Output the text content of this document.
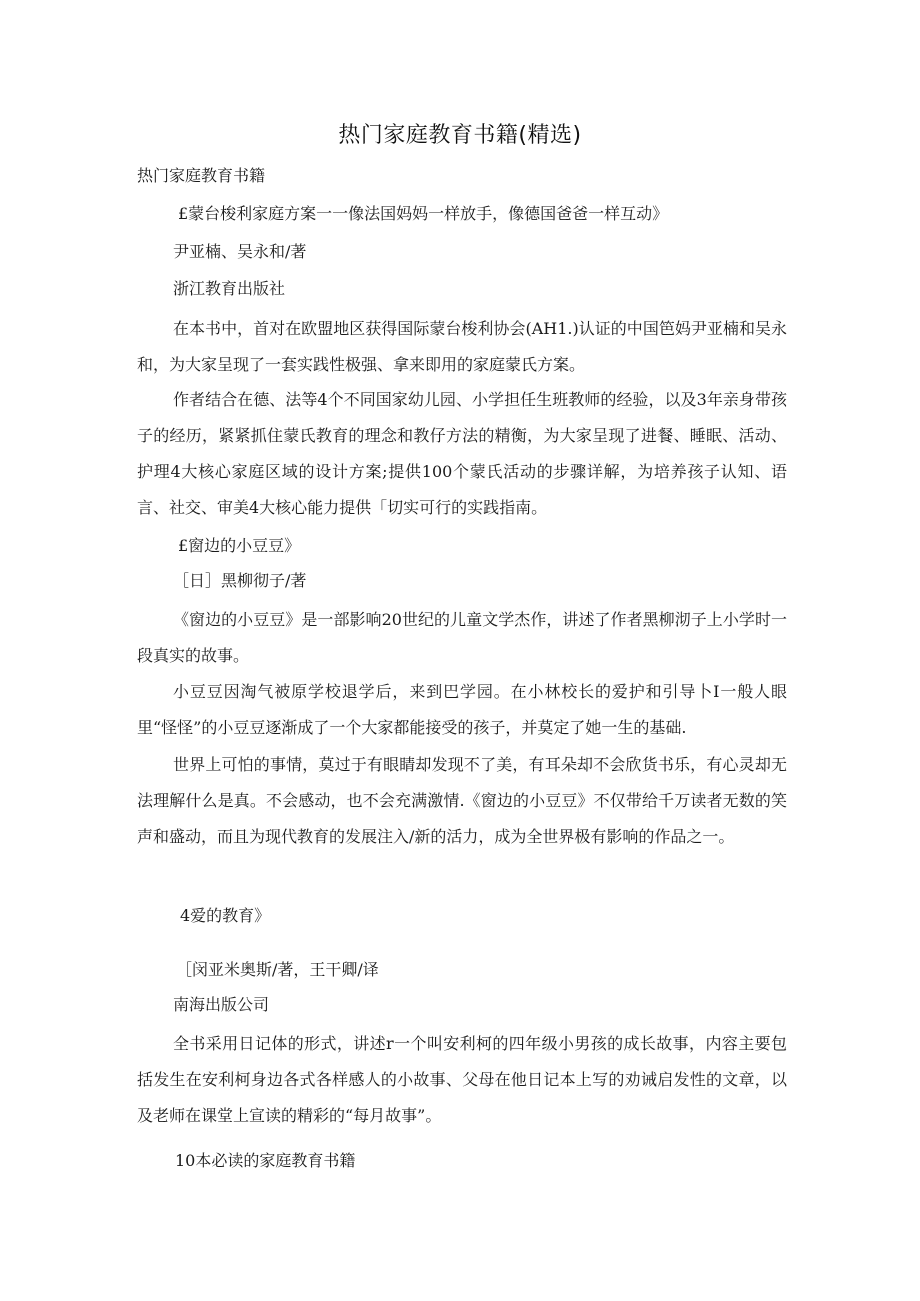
热门家庭教育书籍(精选)
热门家庭教育书籍
£蒙台梭利家庭方案一一像法国妈妈一样放手，像德国爸爸一样互动》
尹亚楠、吴永和/著
浙江教育出版社
在本书中，首对在欧盟地区获得国际蒙台梭利协会(AH1.)认证的中国笆妈尹亚楠和吴永和，为大家呈现了一套实践性极强、拿来即用的家庭蒙氏方案。
作者结合在德、法等4个不同国家幼儿园、小学担任生班教师的经验，以及3年亲身带孩子的经历，紧紧抓住蒙氏教育的理念和教仔方法的精衡，为大家呈现了进餐、睡眠、活动、护理4大核心家庭区域的设计方案;提供100个蒙氏活动的步骤详解，为培养孩子认知、语言、社交、审美4大核心能力提供「切实可行的实践指南。
£窗边的小豆豆》
［日］黑柳彻子/著
《窗边的小豆豆》是一部影响20世纪的儿童文学杰作，讲述了作者黑柳沏子上小学时一段真实的故事。
小豆豆因淘气被原学校退学后，来到巴学园。在小林校长的爱护和引导卜I一般人眼里“怪怪”的小豆豆逐渐成了一个大家都能接受的孩子，并莫定了她一生的基础.
世界上可怕的事情，莫过于有眼睛却发现不了美，有耳朵却不会欣货书乐，有心灵却无法理解什么是真。不会感动，也不会充满激情.《窗边的小豆豆》不仅带给千万读者无数的笑声和盛动，而且为现代教育的发展注入/新的活力，成为全世界极有影响的作品之一。
4爱的教育》
［闵亚米奥斯/著，王干卿/译
南海出版公司
全书采用日记体的形式，讲述r一个叫安利柯的四年级小男孩的成长故事，内容主要包括发生在安利柯身边各式各样感人的小故事、父母在他日记本上写的劝诫启发性的文章，以及老师在课堂上宣读的精彩的“每月故事”。
10本必读的家庭教育书籍
